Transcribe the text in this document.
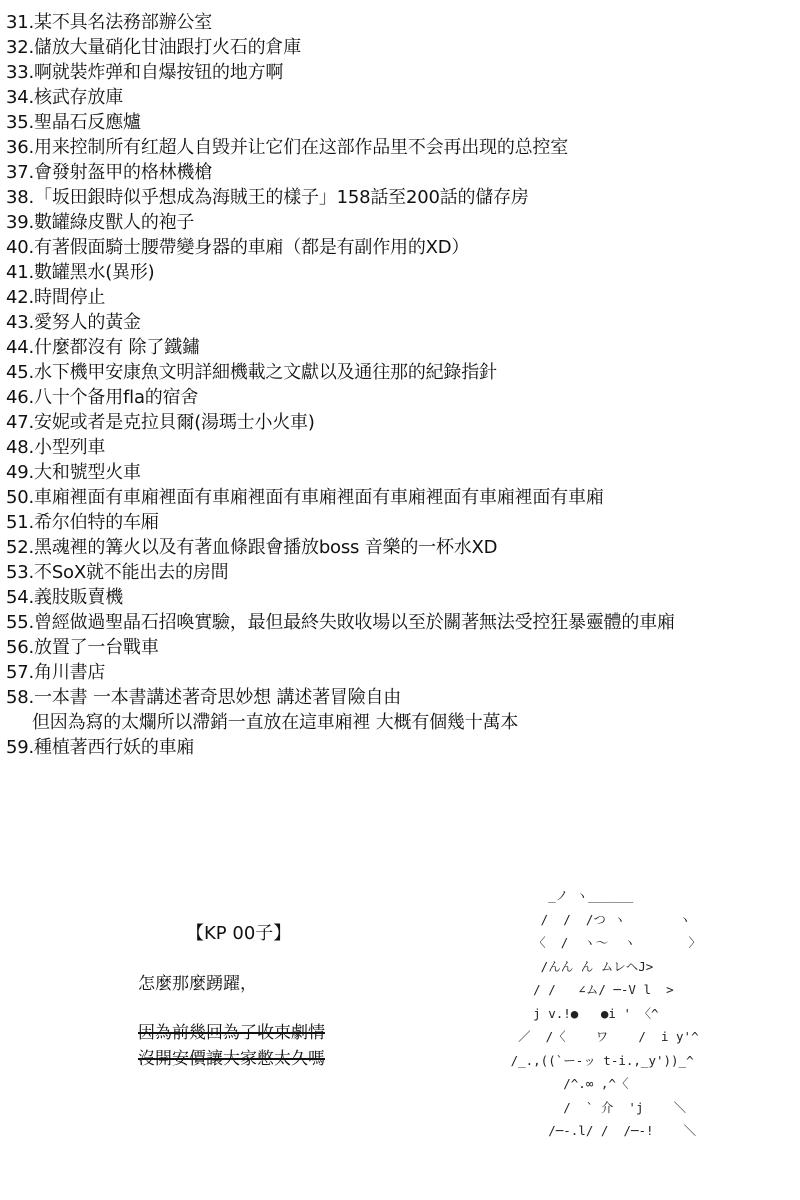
31.某不具名法務部辦公室
32.儲放大量硝化甘油跟打火石的倉庫
33.啊就裝炸弹和自爆按钮的地方啊
34.核武存放庫
35.聖晶石反應爐
36.用来控制所有红超人自毁并让它们在这部作品里不会再出现的总控室
37.會發射盔甲的格林機槍
38.「坂田銀時似乎想成為海賊王的樣子」158話至200話的儲存房
39.數罐綠皮獸人的袍子
40.有著假面騎士腰帶變身器的車廂（都是有副作用的XD）
41.數罐黑水(異形)
42.時間停止
43.愛努人的黃金
44.什麼都沒有 除了鐵鏽
45.水下機甲安康魚文明詳細機載之文獻以及通往那的紀錄指針
46.八十个备用fla的宿舍
47.安妮或者是克拉貝爾(湯瑪士小火車)
48.小型列車
49.大和號型火車
50.車廂裡面有車廂裡面有車廂裡面有車廂裡面有車廂裡面有車廂裡面有車廂
51.希尔伯特的车厢
52.黑魂裡的篝火以及有著血條跟會播放boss 音樂的一杯水XD
53.不SoX就不能出去的房間
54.義肢販賣機
55.曾經做過聖晶石招喚實驗，最但最終失敗收場以至於關著無法受控狂暴靈體的車廂
56.放置了一台戰車
57.角川書店
58.一本書 一本書講述著奇思妙想 講述著冒險自由
但因為寫的太爛所以滯銷一直放在這車廂裡 大概有個幾十萬本
59.種植著西行妖的車廂
【KP 00子】
怎麼那麼踴躍，
因為前幾回為了收束劇情
沒開安價讓大家憋太久嗎
_ノ ヽ______
/  /  /つ ヽ       ヽ
〈  /  ヽ〜  ヽ       〉
/んん ん ムレヘJ>
/ /   ∠ム/ ─-V l  >
j v.!●   ●i ' 〈^
／  /〈    ワ    /  i y'^
/_.,((`ー-ッ t-i.,_y'))_^
/^.∞ ,^〈
/  ` 介  'j    ＼
/─-.l/ /  /─-!    ＼
